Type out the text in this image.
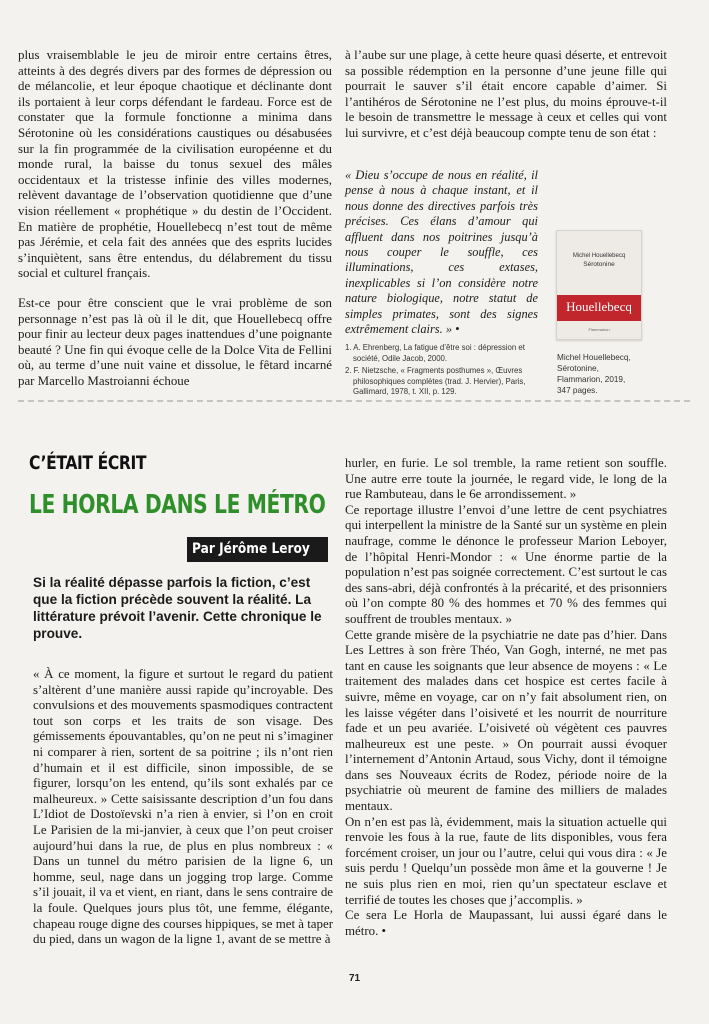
plus vraisemblable le jeu de miroir entre certains êtres, atteints à des degrés divers par des formes de dépression ou de mélancolie, et leur époque chaotique et déclinante dont ils portaient à leur corps défendant le fardeau. Force est de constater que la formule fonctionne a minima dans Sérotonine où les considérations caustiques ou désabusées sur la fin programmée de la civilisation européenne et du monde rural, la baisse du tonus sexuel des mâles occidentaux et la tristesse infinie des villes modernes, relèvent davantage de l’observation quotidienne que d’une vision réellement « prophétique » du destin de l’Occident. En matière de prophétie, Houellebecq n’est tout de même pas Jérémie, et cela fait des années que des esprits lucides s’inquiètent, sans être entendus, du délabrement du tissu social et culturel français.

Est-ce pour être conscient que le vrai problème de son personnage n’est pas là où il le dit, que Houellebecq offre pour finir au lecteur deux pages inattendues d’une poignante beauté ? Une fin qui évoque celle de la Dolce Vita de Fellini où, au terme d’une nuit vaine et dissolue, le fêtard incarné par Marcello Mastroianni échoue

à l’aube sur une plage, à cette heure quasi déserte, et entrevoit sa possible rédemption en la personne d’une jeune fille qui pourrait le sauver s’il était encore capable d’aimer. Si l’antihéros de Sérotonine ne l’est plus, du moins éprouve-t-il le besoin de transmettre le message à ceux et celles qui vont lui survivre, et c’est déjà beaucoup compte tenu de son état :

« Dieu s’occupe de nous en réalité, il pense à nous à chaque instant, et il nous donne des directives parfois très précises. Ces élans d’amour qui affluent dans nos poitrines jusqu’à nous couper le souffle, ces illuminations, ces extases, inexplicables si l’on considère notre nature biologique, notre statut de simples primates, sont des signes extrêmement clairs. » •

Michel Houellebecq
Sérotonine
Houellebecq
Flammarion
Michel Houellebecq,
Sérotonine,
Flammarion, 2019,
347 pages.

1. A. Ehrenberg, La fatigue d’être soi : dépression et société, Odile Jacob, 2000.

2. F. Nietzsche, « Fragments posthumes », Œuvres philosophiques complètes (trad. J. Hervier), Paris, Gallimard, 1978, t. XII, p. 129.

C’ÉTAIT ÉCRIT
LE HORLA DANS LE MÉTRO
Par Jérôme Leroy
Si la réalité dépasse parfois la fiction, c’est que la fiction précède souvent la réalité. La littérature prévoit l’avenir. Cette chronique le prouve.

« À ce moment, la figure et surtout le regard du patient s’altèrent d’une manière aussi rapide qu’incroyable. Des convulsions et des mouvements spasmodiques contractent tout son corps et les traits de son visage. Des gémissements épouvantables, qu’on ne peut ni s’imaginer ni comparer à rien, sortent de sa poitrine ; ils n’ont rien d’humain et il est difficile, sinon impossible, de se figurer, lorsqu’on les entend, qu’ils sont exhalés par ce malheureux. » Cette saisissante description d’un fou dans L’Idiot de Dostoïevski n’a rien à envier, si l’on en croit Le Parisien de la mi-janvier, à ceux que l’on peut croiser aujourd’hui dans la rue, de plus en plus nombreux : « Dans un tunnel du métro parisien de la ligne 6, un homme, seul, nage dans un jogging trop large. Comme s’il jouait, il va et vient, en riant, dans le sens contraire de la foule. Quelques jours plus tôt, une femme, élégante, chapeau rouge digne des courses hippiques, se met à taper du pied, dans un wagon de la ligne 1, avant de se mettre à

hurler, en furie. Le sol tremble, la rame retient son souffle. Une autre erre toute la journée, le regard vide, le long de la rue Rambuteau, dans le 6e arrondissement. »

Ce reportage illustre l’envoi d’une lettre de cent psychiatres qui interpellent la ministre de la Santé sur un système en plein naufrage, comme le dénonce le professeur Marion Leboyer, de l’hôpital Henri-Mondor : « Une énorme partie de la population n’est pas soignée correctement. C’est surtout le cas des sans-abri, déjà confrontés à la précarité, et des prisonniers où l’on compte 80 % des hommes et 70 % des femmes qui souffrent de troubles mentaux. »

Cette grande misère de la psychiatrie ne date pas d’hier. Dans Les Lettres à son frère Théo, Van Gogh, interné, ne met pas tant en cause les soignants que leur absence de moyens : « Le traitement des malades dans cet hospice est certes facile à suivre, même en voyage, car on n’y fait absolument rien, on les laisse végéter dans l’oisiveté et les nourrit de nourriture fade et un peu avariée. L’oisiveté où végètent ces pauvres malheureux est une peste. » On pourrait aussi évoquer l’internement d’Antonin Artaud, sous Vichy, dont il témoigne dans ses Nouveaux écrits de Rodez, période noire de la psychiatrie où meurent de famine des milliers de malades mentaux.

On n’en est pas là, évidemment, mais la situation actuelle qui renvoie les fous à la rue, faute de lits disponibles, vous fera forcément croiser, un jour ou l’autre, celui qui vous dira : « Je suis perdu ! Quelqu’un possède mon âme et la gouverne ! Je ne suis plus rien en moi, rien qu’un spectateur esclave et terrifié de toutes les choses que j’accomplis. »

Ce sera Le Horla de Maupassant, lui aussi égaré dans le métro. •

71
